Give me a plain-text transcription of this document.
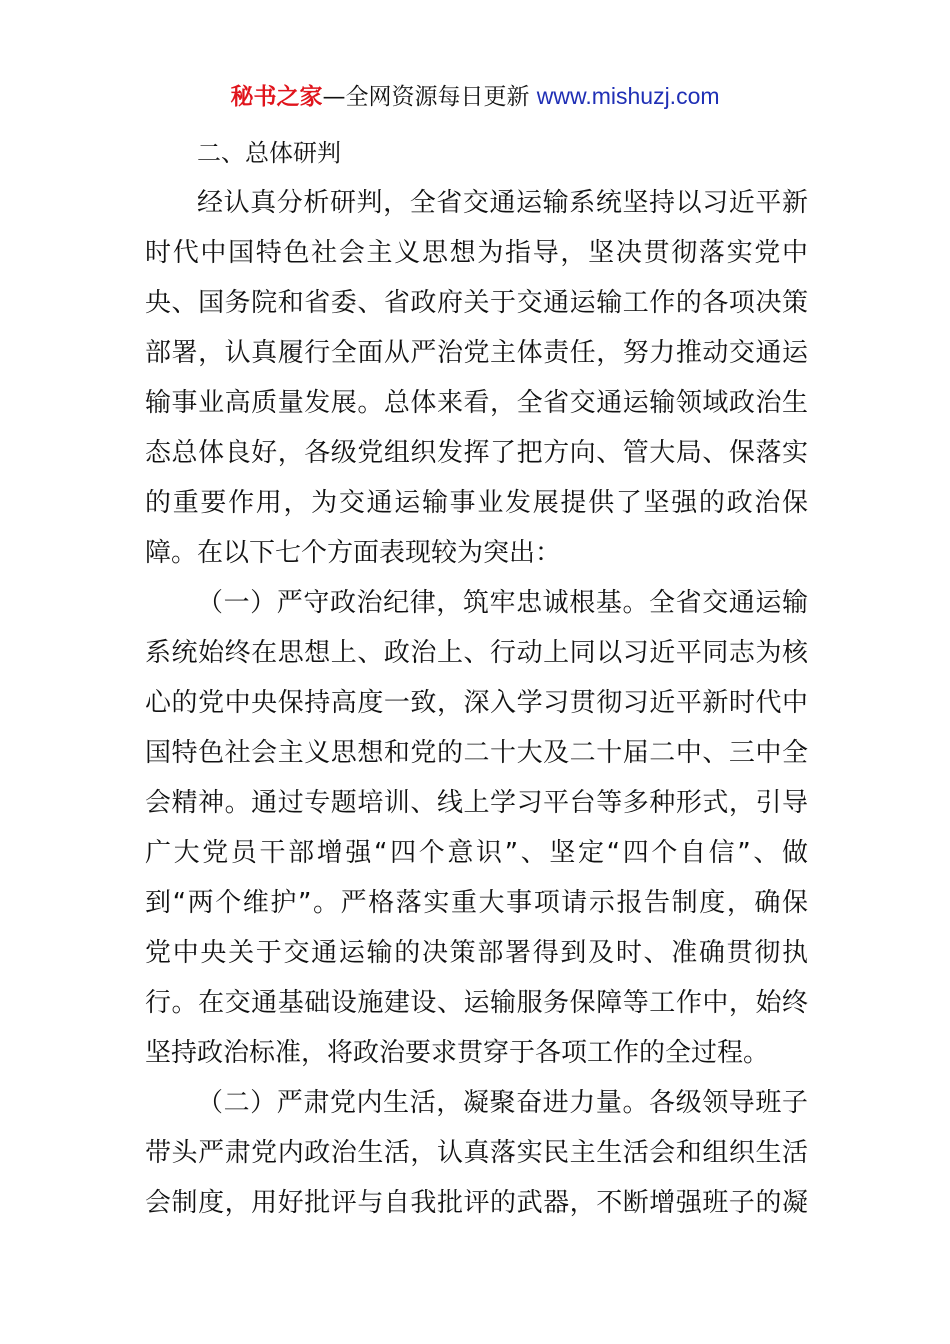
秘书之家—全网资源每日更新 www.mishuzj.com
二、总体研判
经认真分析研判，全省交通运输系统坚持以习近平新
时代中国特色社会主义思想为指导，坚决贯彻落实党中
央、国务院和省委、省政府关于交通运输工作的各项决策
部署，认真履行全面从严治党主体责任，努力推动交通运
输事业高质量发展。总体来看，全省交通运输领域政治生
态总体良好，各级党组织发挥了把方向、管大局、保落实
的重要作用，为交通运输事业发展提供了坚强的政治保
障。在以下七个方面表现较为突出：
（一）严守政治纪律，筑牢忠诚根基。全省交通运输
系统始终在思想上、政治上、行动上同以习近平同志为核
心的党中央保持高度一致，深入学习贯彻习近平新时代中
国特色社会主义思想和党的二十大及二十届二中、三中全
会精神。通过专题培训、线上学习平台等多种形式，引导
广大党员干部增强“四个意识”、坚定“四个自信”、做
到“两个维护”。严格落实重大事项请示报告制度，确保
党中央关于交通运输的决策部署得到及时、准确贯彻执
行。在交通基础设施建设、运输服务保障等工作中，始终
坚持政治标准，将政治要求贯穿于各项工作的全过程。
（二）严肃党内生活，凝聚奋进力量。各级领导班子
带头严肃党内政治生活，认真落实民主生活会和组织生活
会制度，用好批评与自我批评的武器，不断增强班子的凝
